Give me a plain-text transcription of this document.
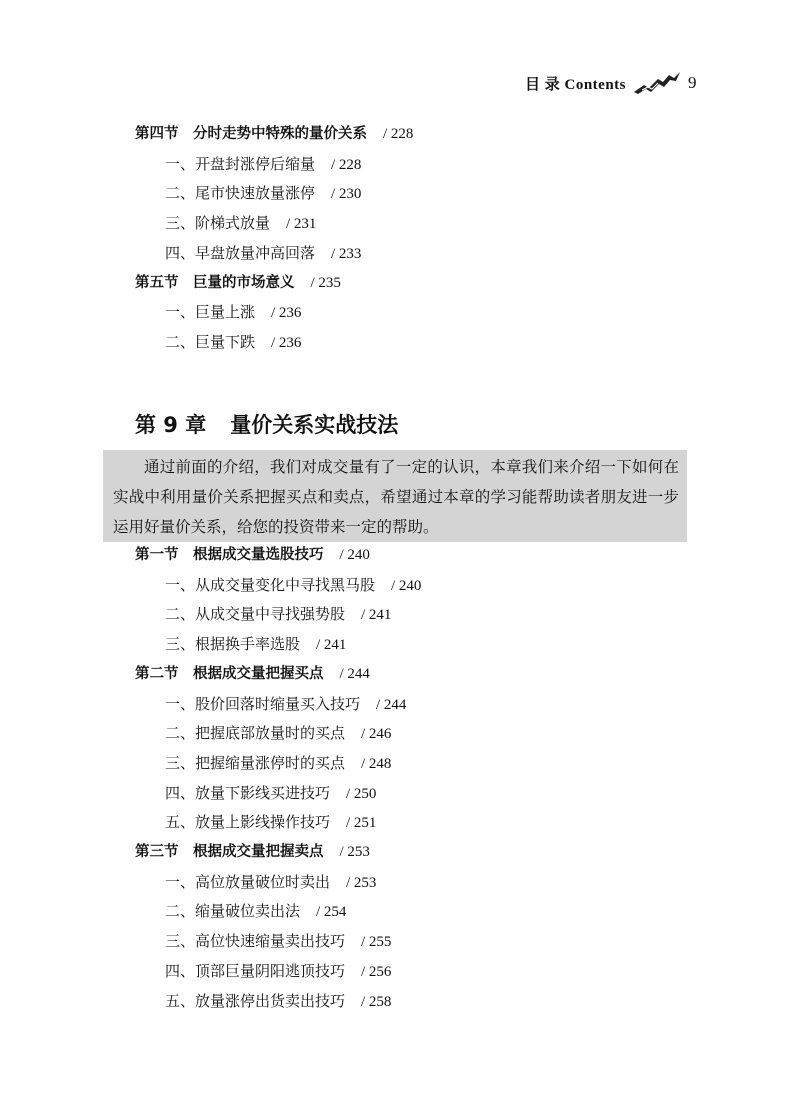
目 录 Contents	9
第四节　分时走势中特殊的量价关系 / 228
一、开盘封涨停后缩量 / 228
二、尾市快速放量涨停 / 230
三、阶梯式放量 / 231
四、早盘放量冲高回落 / 233
第五节　巨量的市场意义 / 235
一、巨量上涨 / 236
二、巨量下跌 / 236
第 9 章 量价关系实战技法

通过前面的介绍，我们对成交量有了一定的认识，本章我们来介绍一下如何在实战中利用量价关系把握买点和卖点，希望通过本章的学习能帮助读者朋友进一步运用好量价关系，给您的投资带来一定的帮助。

第一节　根据成交量选股技巧 / 240
一、从成交量变化中寻找黑马股 / 240
二、从成交量中寻找强势股 / 241
三、根据换手率选股 / 241
第二节　根据成交量把握买点 / 244
一、股价回落时缩量买入技巧 / 244
二、把握底部放量时的买点 / 246
三、把握缩量涨停时的买点 / 248
四、放量下影线买进技巧 / 250
五、放量上影线操作技巧 / 251
第三节　根据成交量把握卖点 / 253
一、高位放量破位时卖出 / 253
二、缩量破位卖出法 / 254
三、高位快速缩量卖出技巧 / 255
四、顶部巨量阴阳逃顶技巧 / 256
五、放量涨停出货卖出技巧 / 258
